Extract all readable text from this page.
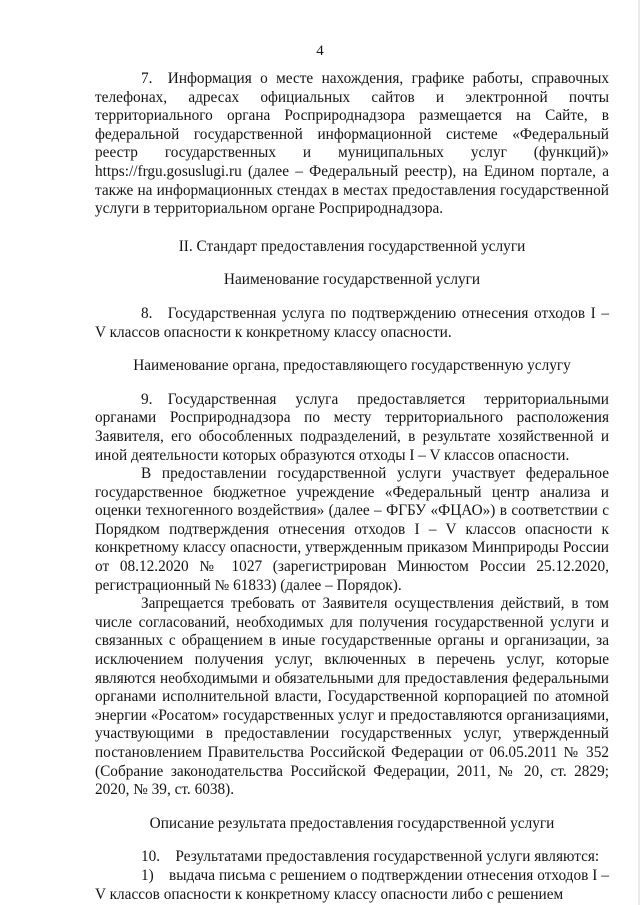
4

7. Информация о месте нахождения, графике работы, справочных телефонах, адресах официальных сайтов и электронной почты территориального органа Росприроднадзора размещается на Сайте, в федеральной государственной информационной системе «Федеральный реестр государственных и муниципальных услуг (функций)» https://frgu.gosuslugi.ru (далее – Федеральный реестр), на Едином портале, а также на информационных стендах в местах предоставления государственной услуги в территориальном органе Росприроднадзора.

II. Стандарт предоставления государственной услуги

Наименование государственной услуги

8. Государственная услуга по подтверждению отнесения отходов I – V классов опасности к конкретному классу опасности.

Наименование органа, предоставляющего государственную услугу

9. Государственная услуга предоставляется территориальными органами Росприроднадзора по месту территориального расположения Заявителя, его обособленных подразделений, в результате хозяйственной и иной деятельности которых образуются отходы I – V классов опасности.

В предоставлении государственной услуги участвует федеральное государственное бюджетное учреждение «Федеральный центр анализа и оценки техногенного воздействия» (далее – ФГБУ «ФЦАО») в соответствии с Порядком подтверждения отнесения отходов I – V классов опасности к конкретному классу опасности, утвержденным приказом Минприроды России от 08.12.2020 № 1027 (зарегистрирован Минюстом России 25.12.2020, регистрационный № 61833) (далее – Порядок).

Запрещается требовать от Заявителя осуществления действий, в том числе согласований, необходимых для получения государственной услуги и связанных с обращением в иные государственные органы и организации, за исключением получения услуг, включенных в перечень услуг, которые являются необходимыми и обязательными для предоставления федеральными органами исполнительной власти, Государственной корпорацией по атомной энергии «Росатом» государственных услуг и предоставляются организациями, участвующими в предоставлении государственных услуг, утвержденный постановлением Правительства Российской Федерации от 06.05.2011 № 352 (Собрание законодательства Российской Федерации, 2011, № 20, ст. 2829; 2020, № 39, ст. 6038).

Описание результата предоставления государственной услуги

10. Результатами предоставления государственной услуги являются:

1) выдача письма с решением о подтверждении отнесения отходов I – V классов опасности к конкретному классу опасности либо с решением
